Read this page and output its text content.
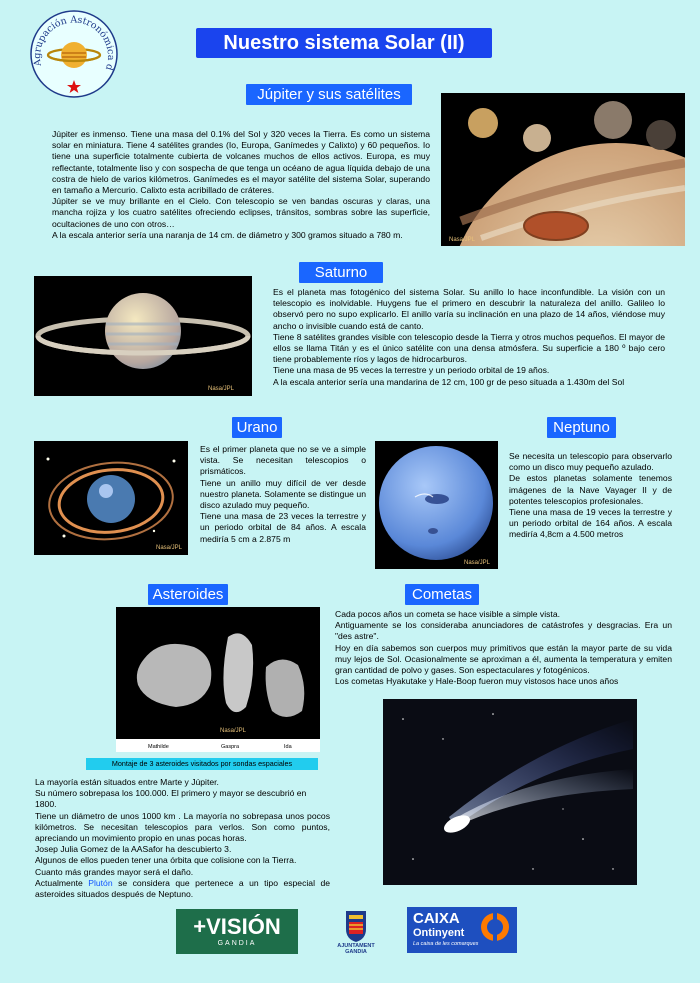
Agrupación Astronómica d
Nuestro sistema Solar (II)
Júpiter y sus satélites

Júpiter es inmenso. Tiene una masa del 0.1% del Sol y 320 veces la Tierra. Es como un sistema solar en miniatura. Tiene 4 satélites grandes (Io, Europa, Ganímedes y Calixto) y 60 pequeños. Io tiene una superficie totalmente cubierta de volcanes muchos de ellos activos. Europa, es muy reflectante, totalmente liso y con sospecha de que tenga un océano de agua líquida debajo de una costra de hielo de varios kilómetros. Ganímedes es el mayor satélite del sistema Solar, superando en tamaño a Mercurio. Calixto esta acribillado de cráteres.

Júpiter se ve muy brillante en el Cielo. Con telescopio se ven bandas oscuras y claras, una mancha rojiza y los cuatro satélites ofreciendo eclipses, tránsitos, sombras sobre las superficie, ocultaciones de uno con otros…

A la escala anterior sería una naranja de 14 cm. de diámetro y 300 gramos situado a 780 m.

Nasa/JPL
Saturno
Nasa/JPL

Es el planeta mas fotogénico del sistema Solar. Su anillo lo hace inconfundible. La visión con un telescopio es inolvidable. Huygens fue el primero en descubrir la naturaleza del anillo. Galileo lo observó pero no supo explicarlo. El anillo varía su inclinación en una plazo de 14 años, viéndose muy ancho o invisible cuando está de canto.

Tiene 8 satélites grandes visible con telescopio desde la Tierra y otros muchos pequeños. El mayor de ellos se llama Titán y es el único satélite con una densa atmósfera. Su superficie a 180 º bajo cero tiene probablemente ríos y lagos de hidrocarburos.

Tiene una masa de 95 veces la terrestre y un periodo orbital de 19 años.

A la escala anterior sería una mandarina de 12 cm, 100 gr de peso situada a 1.430m del Sol

Urano
Nasa/JPL

Es el primer planeta que no se ve a simple vista. Se necesitan telescopios o prismáticos.

Tiene un anillo muy difícil de ver desde nuestro planeta. Solamente se distingue un disco azulado muy pequeño.

Tiene una masa de 23 veces la terrestre y un periodo orbital de 84 años. A escala mediría 5 cm a 2.875 m

Neptuno
Nasa/JPL

Se necesita un telescopio para observarlo como un disco muy pequeño azulado.

De estos planetas solamente tenemos imágenes de la Nave Vayager II y de potentes telescopios profesionales.

Tiene una masa de 19 veces la terrestre y un periodo orbital de 164 años. A escala mediría 4,8cm a 4.500 metros

Asteroides
Mathilde	Gaspra	Ida
Nasa/JPL
Montaje de 3 asteroides visitados por sondas espaciales

La mayoría están situados entre Marte y Júpiter.

Su número sobrepasa los 100.000. El primero y mayor se descubrió en 1800.

Tiene un diámetro de unos 1000 km . La mayoría no sobrepasa unos pocos kilómetros. Se necesitan telescopios para verlos. Son como puntos, apreciando un movimiento propio en unas pocas horas.

Josep Julia Gomez de la AASafor ha descubierto 3.

Algunos de ellos pueden tener una órbita que colisione con la Tierra.

Cuanto más grandes mayor será el daño.

Actualmente Plutón se considera que pertenece a un tipo especial de asteroides situados después de Neptuno.

Cometas

Cada pocos años un cometa se hace visible a simple vista.

Antiguamente se los consideraba anunciadores de catástrofes y desgracias. Era un "des astre".

Hoy en día sabemos son cuerpos muy primitivos que están la mayor parte de su vida muy lejos de Sol. Ocasionalmente se aproximan a él, aumenta la temperatura y emiten gran cantidad de polvo y gases. Son espectaculares y fotogénicos.

Los cometas Hyakutake y Hale-Boop fueron muy vistosos hace unos años

+VISIÓN
GANDIA	AJUNTAMENT
GANDIA
CAIXA
Ontinyent
La caixa de les comarques
